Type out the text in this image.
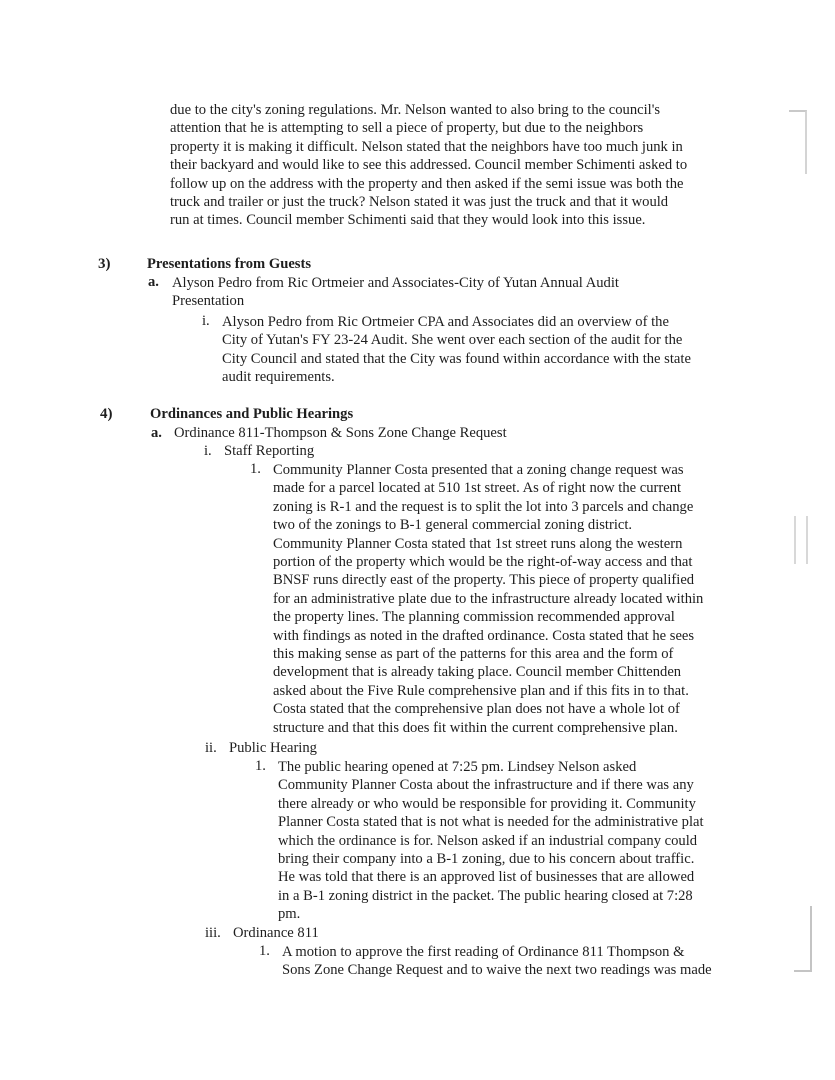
due to the city's zoning regulations. Mr. Nelson wanted to also bring to the council's
attention that he is attempting to sell a piece of property, but due to the neighbors
property it is making it difficult. Nelson stated that the neighbors have too much junk in
their backyard and would like to see this addressed. Council member Schimenti asked to
follow up on the address with the property and then asked if the semi issue was both the
truck and trailer or just the truck? Nelson stated it was just the truck and that it would
run at times. Council member Schimenti said that they would look into this issue.
3)	Presentations from Guests
a. Alyson Pedro from Ric Ortmeier and Associates-City of Yutan Annual Audit
Presentation
i. Alyson Pedro from Ric Ortmeier CPA and Associates did an overview of the
City of Yutan's FY 23-24 Audit. She went over each section of the audit for the
City Council and stated that the City was found within accordance with the state
audit requirements.
4)	Ordinances and Public Hearings
a. Ordinance 811-Thompson & Sons Zone Change Request
i. Staff Reporting
1. Community Planner Costa presented that a zoning change request was
made for a parcel located at 510 1st street. As of right now the current
zoning is R-1 and the request is to split the lot into 3 parcels and change
two of the zonings to B-1 general commercial zoning district.
Community Planner Costa stated that 1st street runs along the western
portion of the property which would be the right-of-way access and that
BNSF runs directly east of the property. This piece of property qualified
for an administrative plate due to the infrastructure already located within
the property lines. The planning commission recommended approval
with findings as noted in the drafted ordinance. Costa stated that he sees
this making sense as part of the patterns for this area and the form of
development that is already taking place. Council member Chittenden
asked about the Five Rule comprehensive plan and if this fits in to that.
Costa stated that the comprehensive plan does not have a whole lot of
structure and that this does fit within the current comprehensive plan.
ii. Public Hearing
1. The public hearing opened at 7:25 pm. Lindsey Nelson asked
Community Planner Costa about the infrastructure and if there was any
there already or who would be responsible for providing it. Community
Planner Costa stated that is not what is needed for the administrative plat
which the ordinance is for. Nelson asked if an industrial company could
bring their company into a B-1 zoning, due to his concern about traffic.
He was told that there is an approved list of businesses that are allowed
in a B-1 zoning district in the packet. The public hearing closed at 7:28
pm.
iii. Ordinance 811
1. A motion to approve the first reading of Ordinance 811 Thompson &
Sons Zone Change Request and to waive the next two readings was made
